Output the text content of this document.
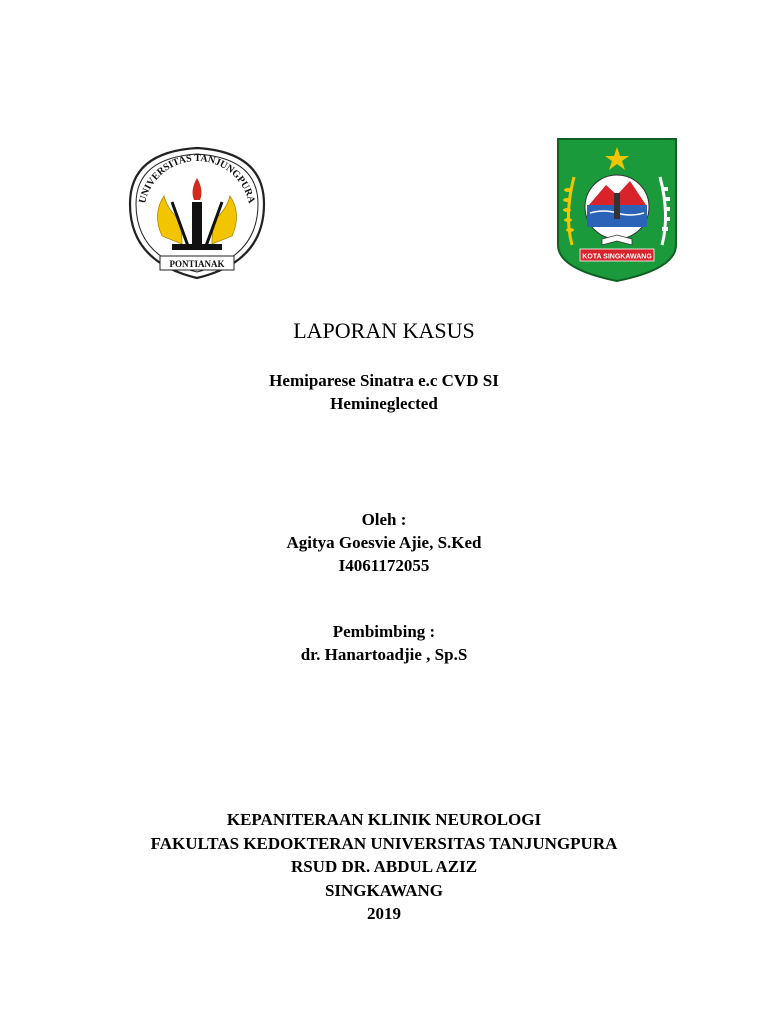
UNIVERSITAS TANJUNGPURA
PONTIANAK
KOTA SINGKAWANG
LAPORAN KASUS
Hemiparese Sinatra e.c CVD SI
Hemineglected
Oleh :
Agitya Goesvie Ajie, S.Ked
I4061172055
Pembimbing :
dr. Hanartoadjie , Sp.S
KEPANITERAAN KLINIK NEUROLOGI
FAKULTAS KEDOKTERAN UNIVERSITAS TANJUNGPURA
RSUD DR. ABDUL AZIZ
SINGKAWANG
2019
